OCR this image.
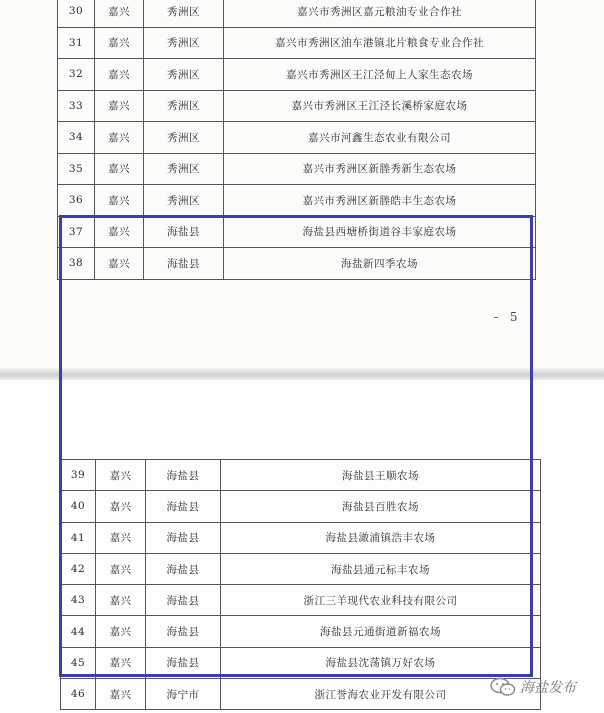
30	嘉兴	秀洲区	嘉兴市秀洲区嘉元粮油专业合作社
31	嘉兴	秀洲区	嘉兴市秀洲区油车港镇北片粮食专业合作社
32	嘉兴	秀洲区	嘉兴市秀洲区王江泾甸上人家生态农场
33	嘉兴	秀洲区	嘉兴市秀洲区王江泾长溪桥家庭农场
34	嘉兴	秀洲区	嘉兴市河鑫生态农业有限公司
35	嘉兴	秀洲区	嘉兴市秀洲区新塍秀新生态农场
36	嘉兴	秀洲区	嘉兴市秀洲区新塍皓丰生态农场
37	嘉兴	海盐县	海盐县西塘桥街道谷丰家庭农场
38	嘉兴	海盐县	海盐新四季农场
- 5 -
39	嘉兴	海盐县	海盐县王顺农场
40	嘉兴	海盐县	海盐县百胜农场
41	嘉兴	海盐县	海盐县澉浦镇浩丰农场
42	嘉兴	海盐县	海盐县通元标丰农场
43	嘉兴	海盐县	浙江三羊现代农业科技有限公司
44	嘉兴	海盐县	海盐县元通街道新福农场
45	嘉兴	海盐县	海盐县沈荡镇万好农场
46	嘉兴	海宁市	浙江誉海农业开发有限公司	海盐发布
